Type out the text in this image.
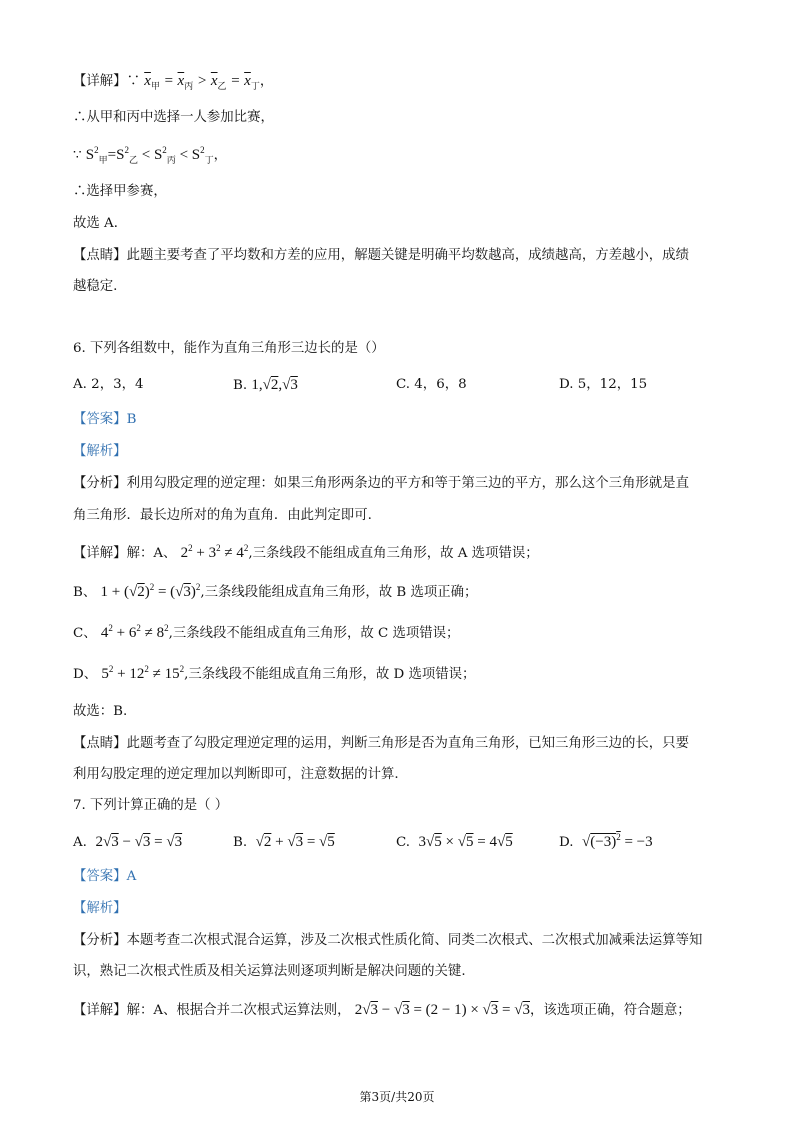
【详解】∵ $\overline{x}_甲 = \overline{x}_丙 > \overline{x}_乙 = \overline{x}_丁$，
∴从甲和丙中选择一人参加比赛，
∵ $S^2_甲=S^2_乙 < S^2_丙 < S^2_丁$，
∴选择甲参赛，
故选 A．
【点睛】此题主要考查了平均数和方差的应用，解题关键是明确平均数越高，成绩越高，方差越小，成绩
越稳定.
6. 下列各组数中，能作为直角三角形三边长的是（）
A. 2，3，4	B. 1,√2,√3	C. 4，6，8	D. 5，12，15
【答案】B
【解析】
【分析】利用勾股定理的逆定理：如果三角形两条边的平方和等于第三边的平方，那么这个三角形就是直
角三角形．最长边所对的角为直角．由此判定即可.
【详解】解：A、 $2^2 + 3^2 \ne 4^2$,三条线段不能组成直角三角形，故 A 选项错误；
B、 $1 + (√2)^2 = (√3)^2$,三条线段能组成直角三角形，故 B 选项正确；
C、 $4^2 + 6^2 \ne 8^2$,三条线段不能组成直角三角形，故 C 选项错误；
D、 $5^2 + 12^2 \ne 15^2$,三条线段不能组成直角三角形，故 D 选项错误；
故选：B.
【点睛】此题考查了勾股定理逆定理的运用，判断三角形是否为直角三角形，已知三角形三边的长，只要
利用勾股定理的逆定理加以判断即可，注意数据的计算.
7. 下列计算正确的是（ ）
A. 2√3 − √3 = √3	B. √2 + √3 = √5	C. 3√5 × √5 = 4√5	D. $√(-3)^2 = -3$
【答案】A
【解析】
【分析】本题考查二次根式混合运算，涉及二次根式性质化简、同类二次根式、二次根式加减乘法运算等知
识，熟记二次根式性质及相关运算法则逐项判断是解决问题的关键.
【详解】解：A、根据合并二次根式运算法则， 2√3 − √3 = (2 − 1) × √3 = √3，该选项正确，符合题意；
第3页/共20页
